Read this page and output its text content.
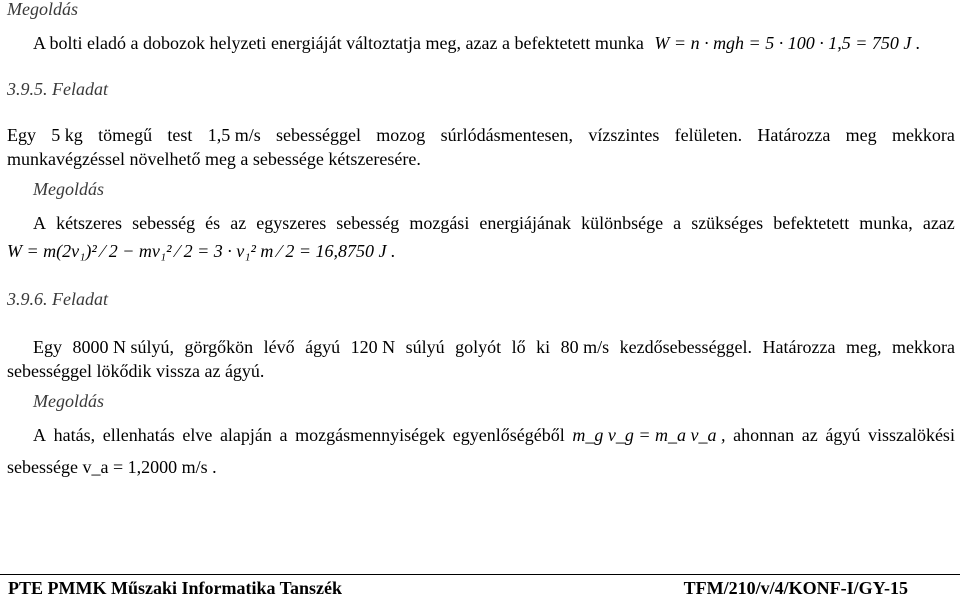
Megoldás
A bolti eladó a dobozok helyzeti energiáját változtatja meg, azaz a befektetett munka W = n · mgh = 5 · 100 · 1,5 = 750 J .
3.9.5. Feladat
Egy 5 kg tömegű test 1,5 m/s sebességgel mozog súrlódásmentesen, vízszintes felületen. Határozza meg mekkora
munkavégzéssel növelhető meg a sebessége kétszeresére.
Megoldás
A kétszeres sebesség és az egyszeres sebesség mozgási energiájának különbsége a szükséges befektetett munka, azaz
W = m(2v₁)² ⁄ 2 − mv₁² ⁄ 2 = 3 · v₁² m ⁄ 2 = 16,8750 J .
3.9.6. Feladat
Egy 8000 N súlyú, görgőkön lévő ágyú 120 N súlyú golyót lő ki 80 m/s kezdősebességgel. Határozza meg, mekkora
sebességgel lökődik vissza az ágyú.
Megoldás
A hatás, ellenhatás elve alapján a mozgásmennyiségek egyenlőségéből m_g v_g = m_a v_a , ahonnan az ágyú visszalökési
sebessége v_a = 1,2000 m/s .
PTE PMMK Műszaki Informatika Tanszék	TFM/210/v/4/KONF-I/GY-15
